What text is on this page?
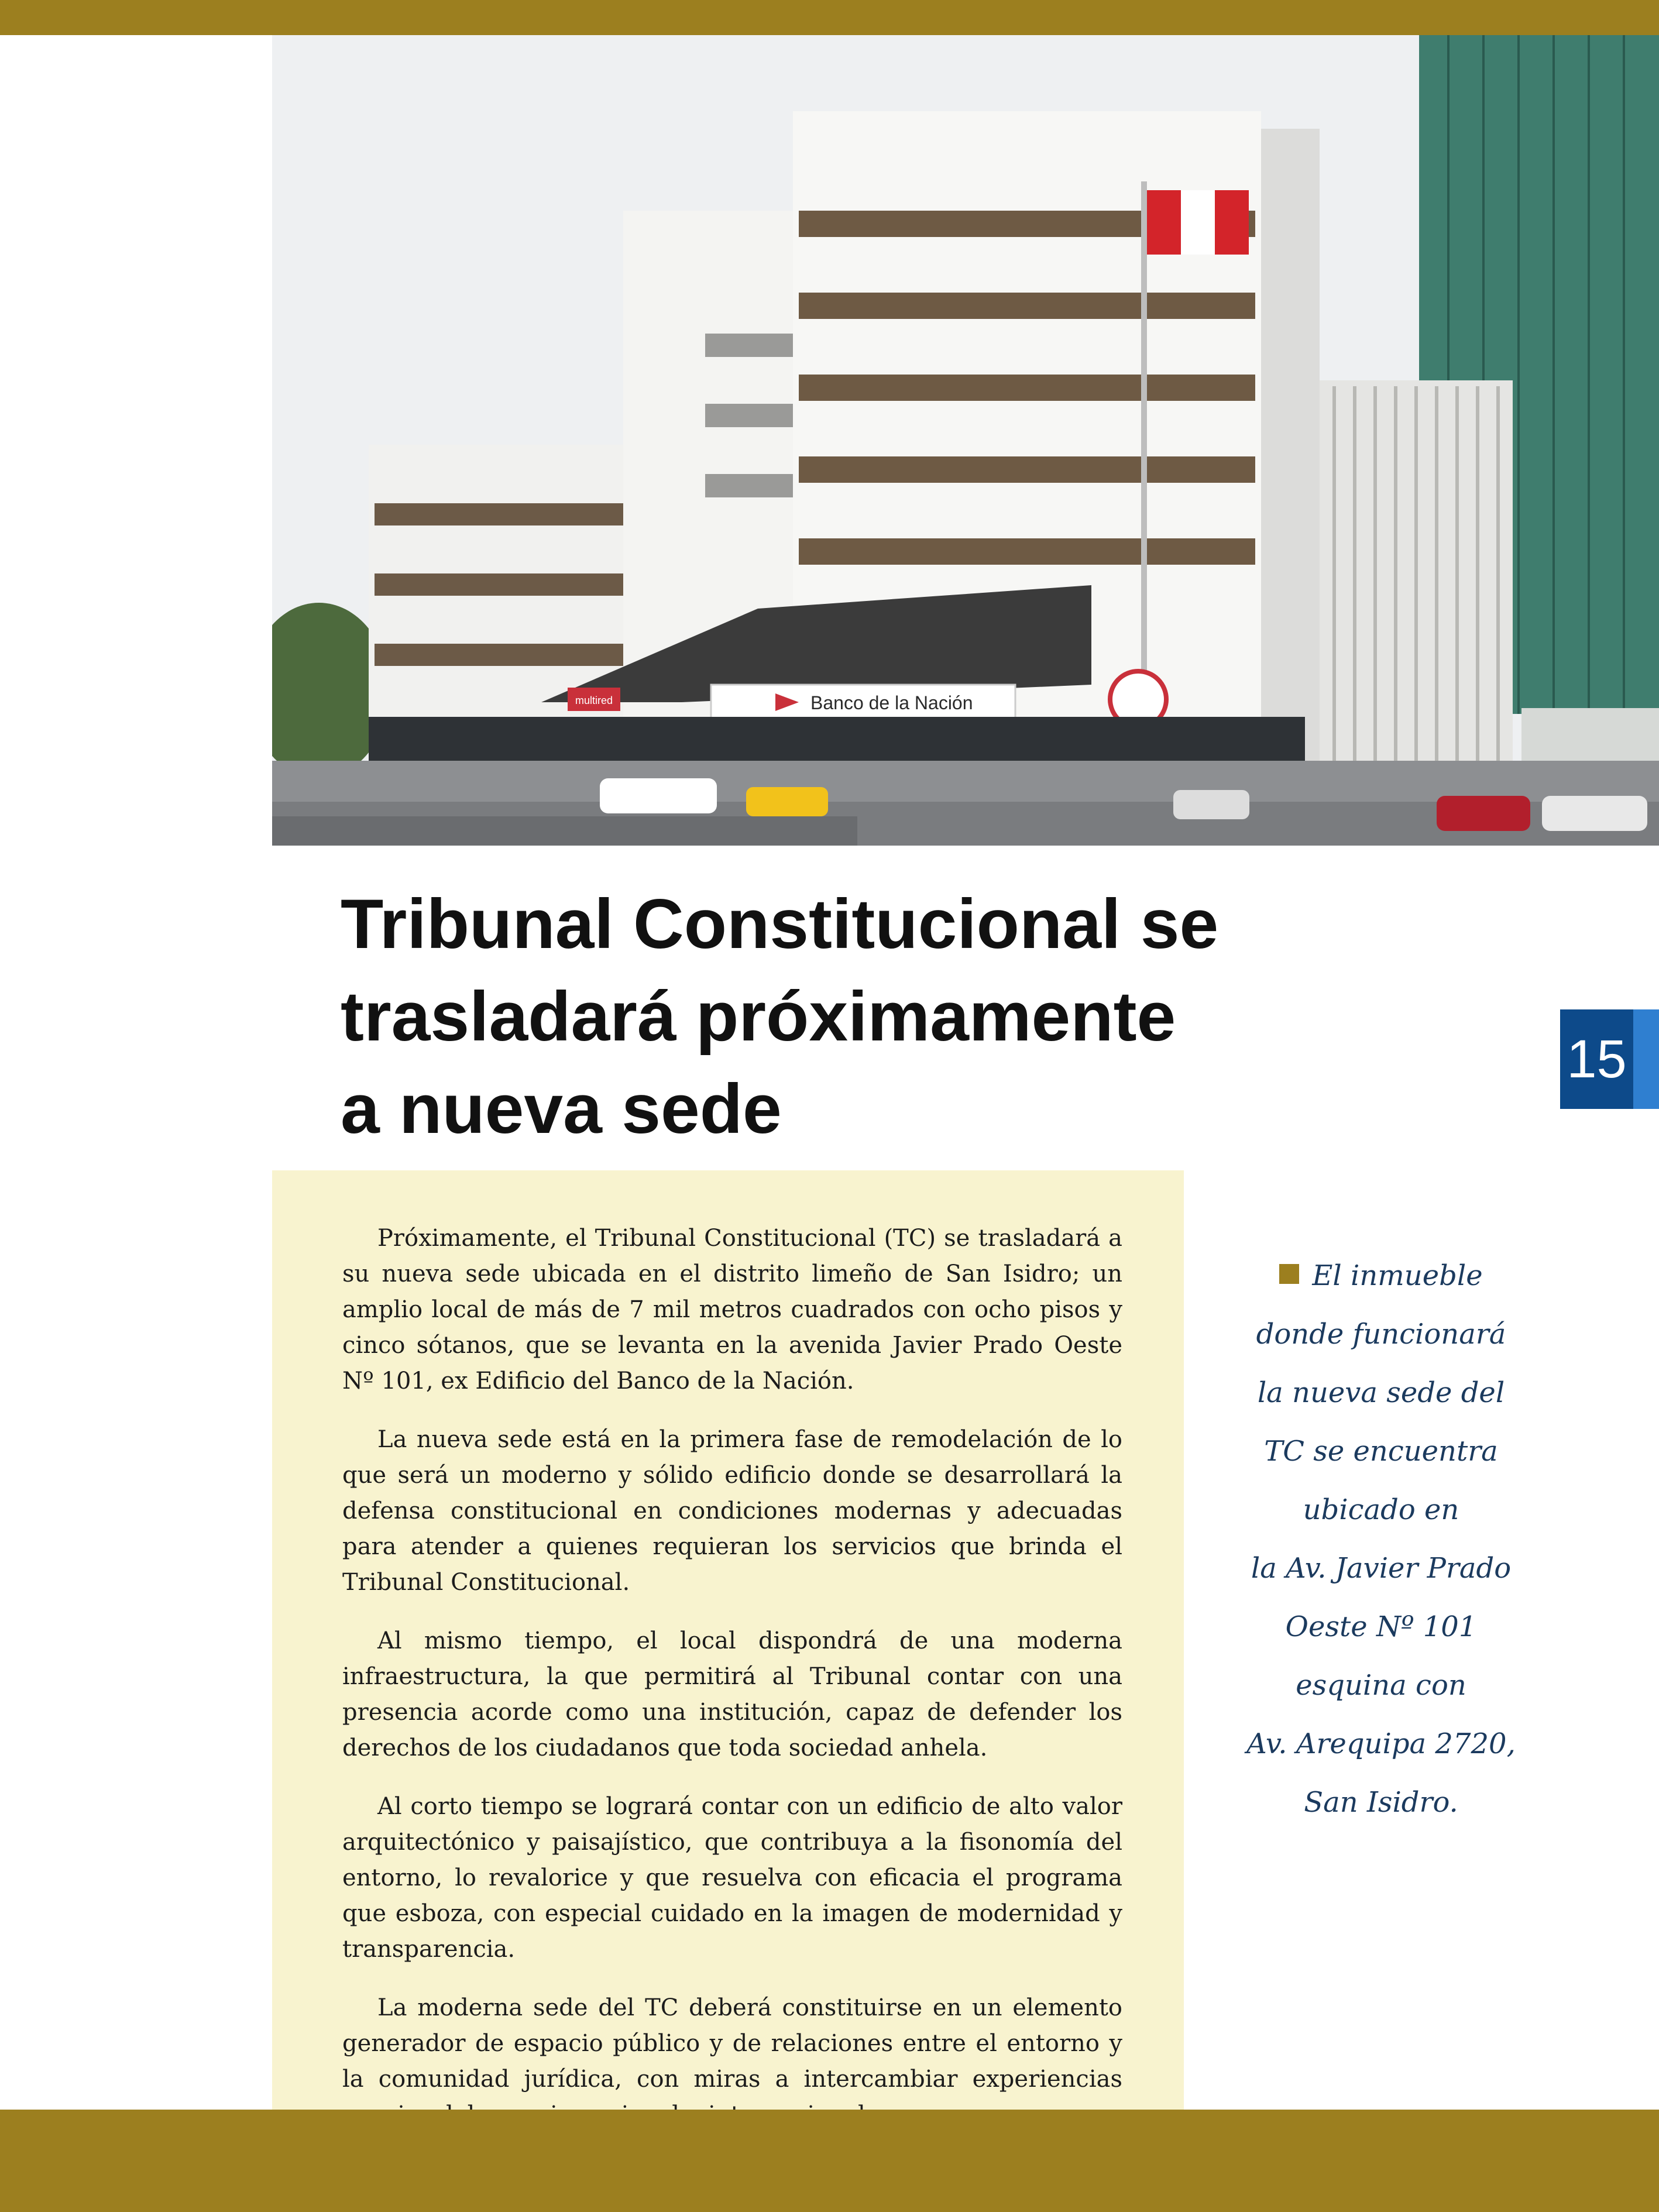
Banco de la Nación
multired
Tribunal Constitucional se
trasladará próximamente
a nueva sede
15

Próximamente, el Tribunal Constitucional (TC) se trasladará a su nueva sede ubicada en el distrito limeño de San Isidro; un amplio local de más de 7 mil metros cuadrados con ocho pisos y cinco sótanos, que se levanta en la avenida Javier Prado Oeste Nº 101, ex Edificio del Banco de la Nación.

La nueva sede está en la primera fase de remodelación de lo que será un moderno y sólido edificio donde se desarrollará la defensa constitucional en condiciones modernas y adecuadas para atender a quienes requieran los servicios que brinda el Tribunal Constitucional.

Al mismo tiempo, el local dispondrá de una moderna infraestructura, la que permitirá al Tribunal contar con una presencia acorde como una institución, capaz de defender los derechos de los ciudadanos que toda sociedad anhela.

Al corto tiempo se logrará contar con un edificio de alto valor arquitectónico y paisajístico, que contribuya a la fisonomía del entorno, lo revalorice y que resuelva con eficacia el programa que esboza, con especial cuidado en la imagen de modernidad y transparencia.

La moderna sede del TC deberá constituirse en un elemento generador de espacio público y de relaciones entre el entorno y la comunidad jurídica, con miras a intercambiar experiencias

El inmueble
donde funcionará
la nueva sede del
TC se encuentra
ubicado en
la Av. Javier Prado
Oeste Nº 101
esquina con
Av. Arequipa 2720,
San Isidro.
